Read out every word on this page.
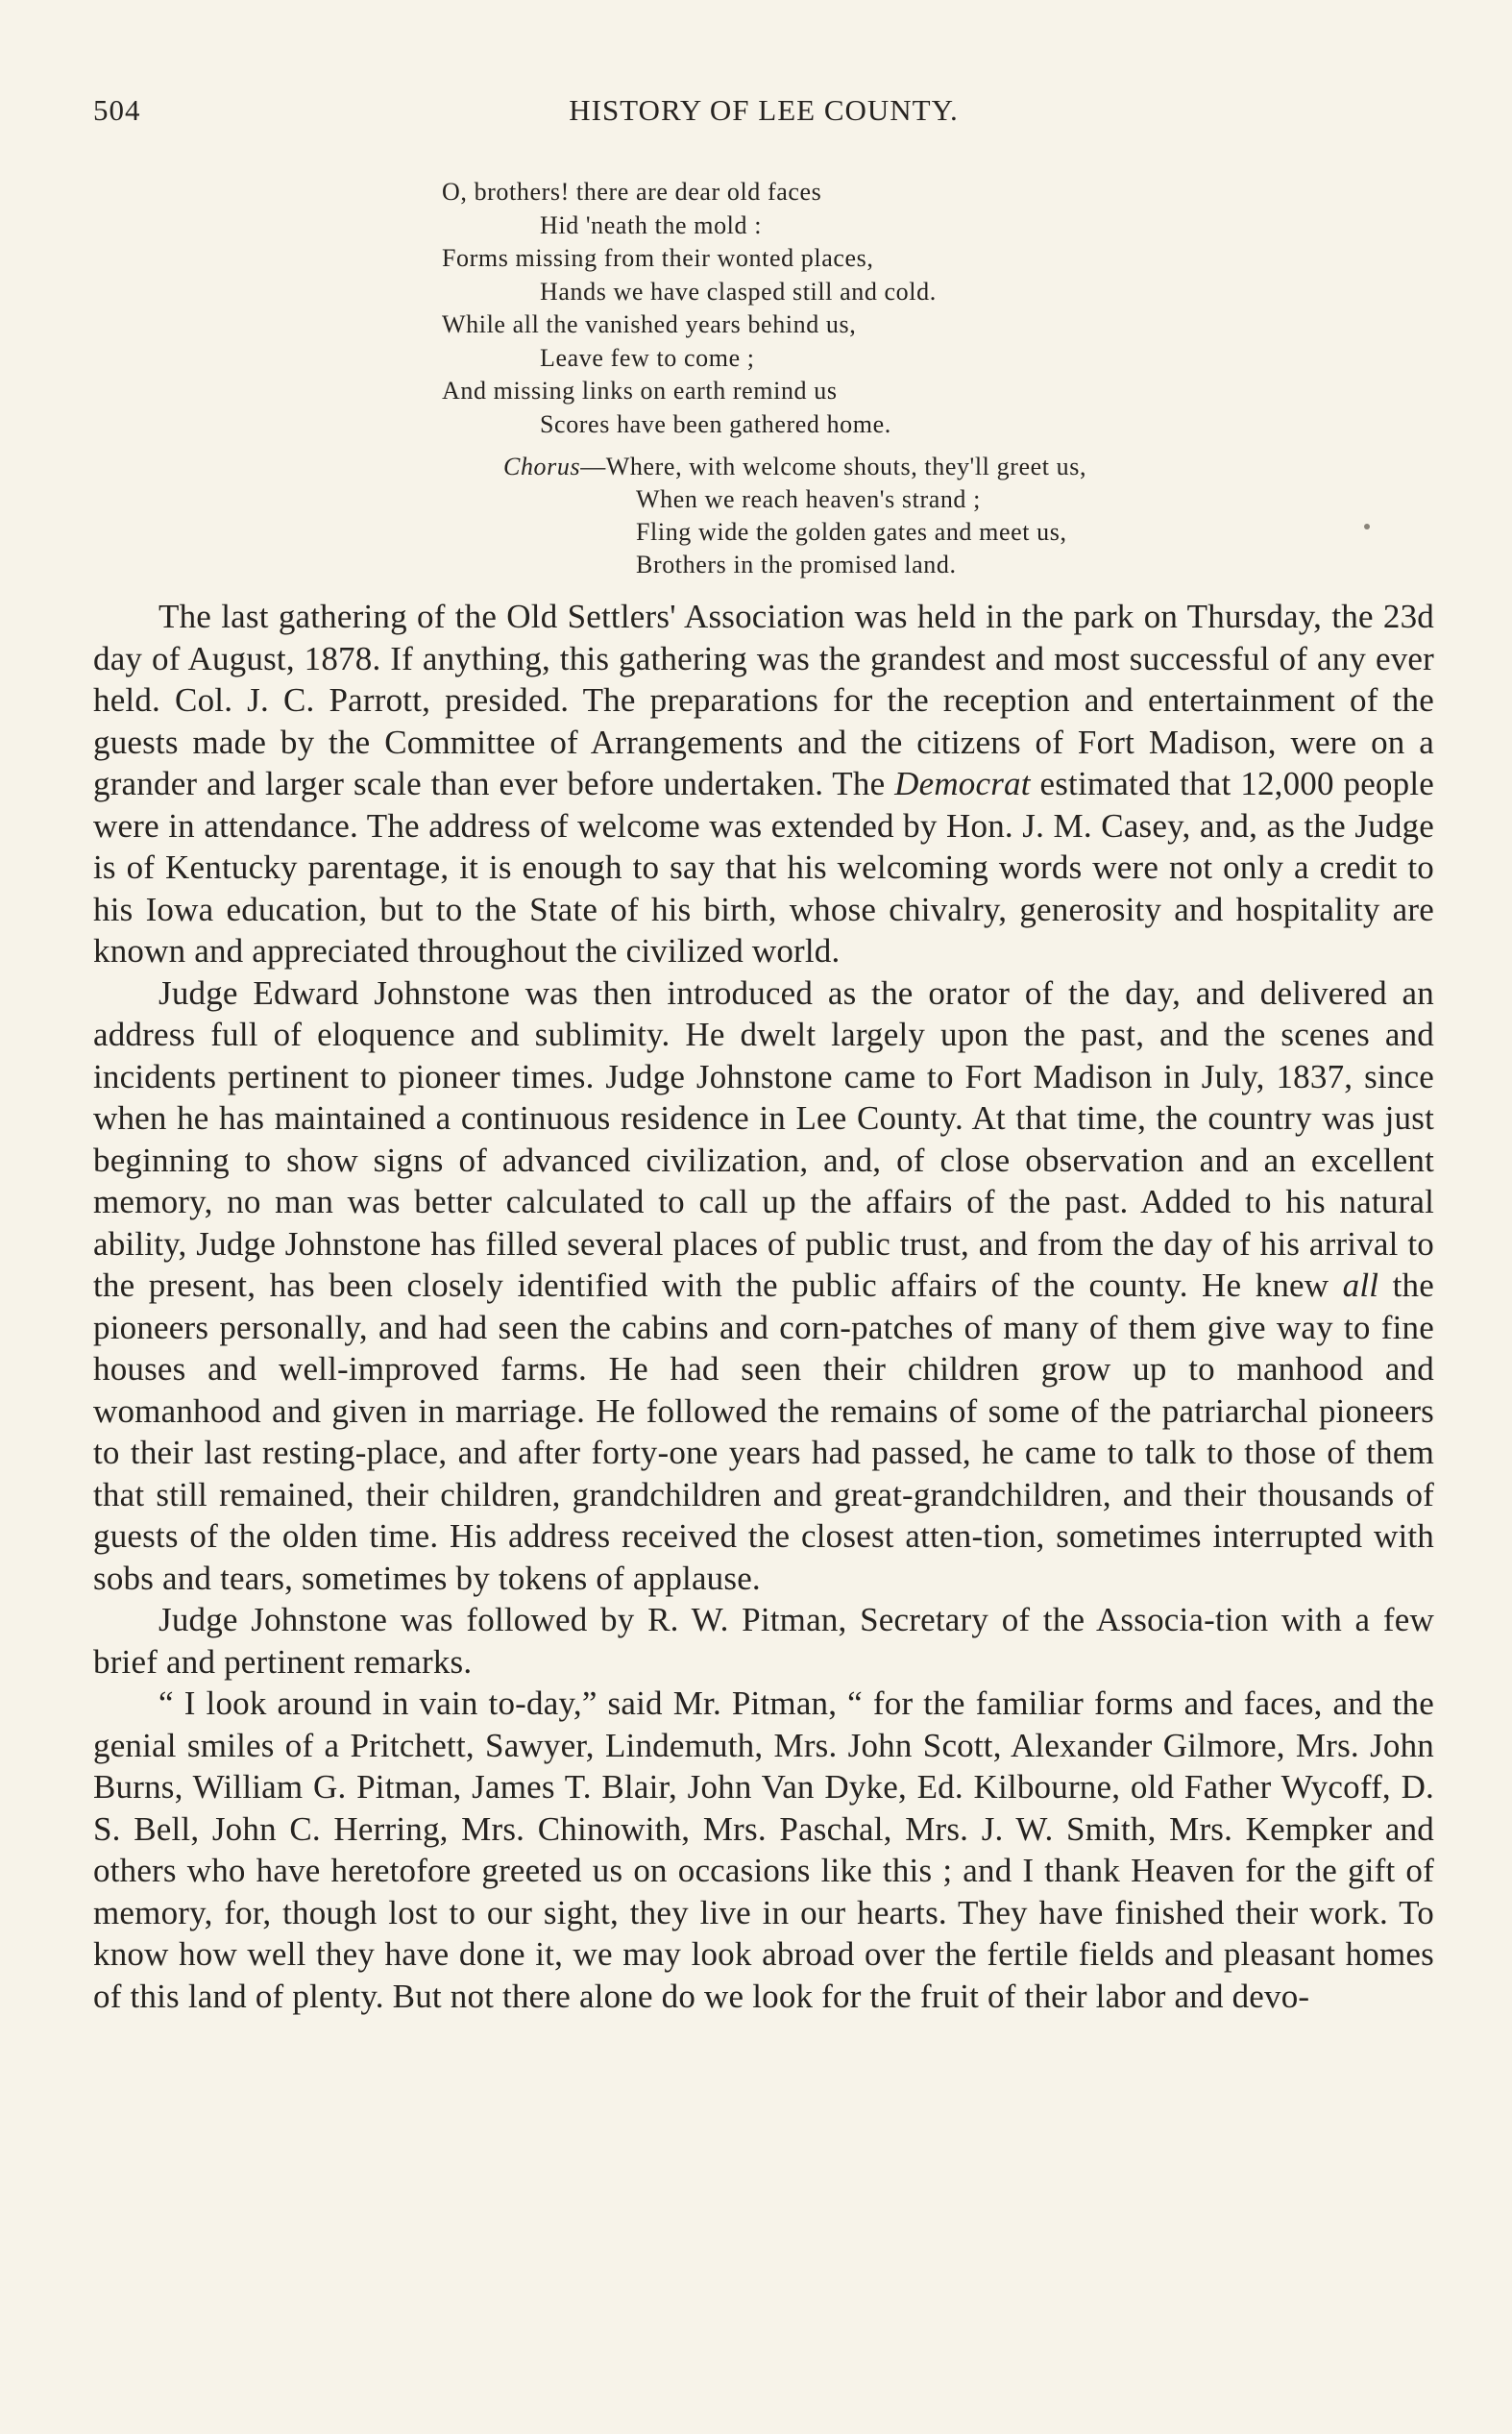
504	HISTORY OF LEE COUNTY.
O, brothers! there are dear old faces
Hid 'neath the mold :
Forms missing from their wonted places,
Hands we have clasped still and cold.
While all the vanished years behind us,
Leave few to come ;
And missing links on earth remind us
Scores have been gathered home.
Chorus—Where, with welcome shouts, they'll greet us,
When we reach heaven's strand ;
Fling wide the golden gates and meet us,
Brothers in the promised land.

The last gathering of the Old Settlers' Association was held in the park on Thursday, the 23d day of August, 1878. If anything, this gathering was the grandest and most successful of any ever held. Col. J. C. Parrott, presided. The preparations for the reception and entertainment of the guests made by the Committee of Arrangements and the citizens of Fort Madison, were on a grander and larger scale than ever before undertaken. The Democrat estimated that 12,000 people were in attendance. The address of welcome was extended by Hon. J. M. Casey, and, as the Judge is of Kentucky parentage, it is enough to say that his welcoming words were not only a credit to his Iowa education, but to the State of his birth, whose chivalry, generosity and hospitality are known and appreciated throughout the civilized world.

Judge Edward Johnstone was then introduced as the orator of the day, and delivered an address full of eloquence and sublimity. He dwelt largely upon the past, and the scenes and incidents pertinent to pioneer times. Judge Johnstone came to Fort Madison in July, 1837, since when he has maintained a continuous residence in Lee County. At that time, the country was just beginning to show signs of advanced civilization, and, of close observation and an excellent memory, no man was better calculated to call up the affairs of the past. Added to his natural ability, Judge Johnstone has filled several places of public trust, and from the day of his arrival to the present, has been closely identified with the public affairs of the county. He knew all the pioneers personally, and had seen the cabins and corn-patches of many of them give way to fine houses and well-improved farms. He had seen their children grow up to manhood and womanhood and given in marriage. He followed the remains of some of the patriarchal pioneers to their last resting-place, and after forty-one years had passed, he came to talk to those of them that still remained, their children, grandchildren and great-grandchildren, and their thousands of guests of the olden time. His address received the closest atten-tion, sometimes interrupted with sobs and tears, sometimes by tokens of applause.

Judge Johnstone was followed by R. W. Pitman, Secretary of the Associa-tion with a few brief and pertinent remarks.

“ I look around in vain to-day,” said Mr. Pitman, “ for the familiar forms and faces, and the genial smiles of a Pritchett, Sawyer, Lindemuth, Mrs. John Scott, Alexander Gilmore, Mrs. John Burns, William G. Pitman, James T. Blair, John Van Dyke, Ed. Kilbourne, old Father Wycoff, D. S. Bell, John C. Herring, Mrs. Chinowith, Mrs. Paschal, Mrs. J. W. Smith, Mrs. Kempker and others who have heretofore greeted us on occasions like this ; and I thank Heaven for the gift of memory, for, though lost to our sight, they live in our hearts. They have finished their work. To know how well they have done it, we may look abroad over the fertile fields and pleasant homes of this land of plenty. But not there alone do we look for the fruit of their labor and devo-
